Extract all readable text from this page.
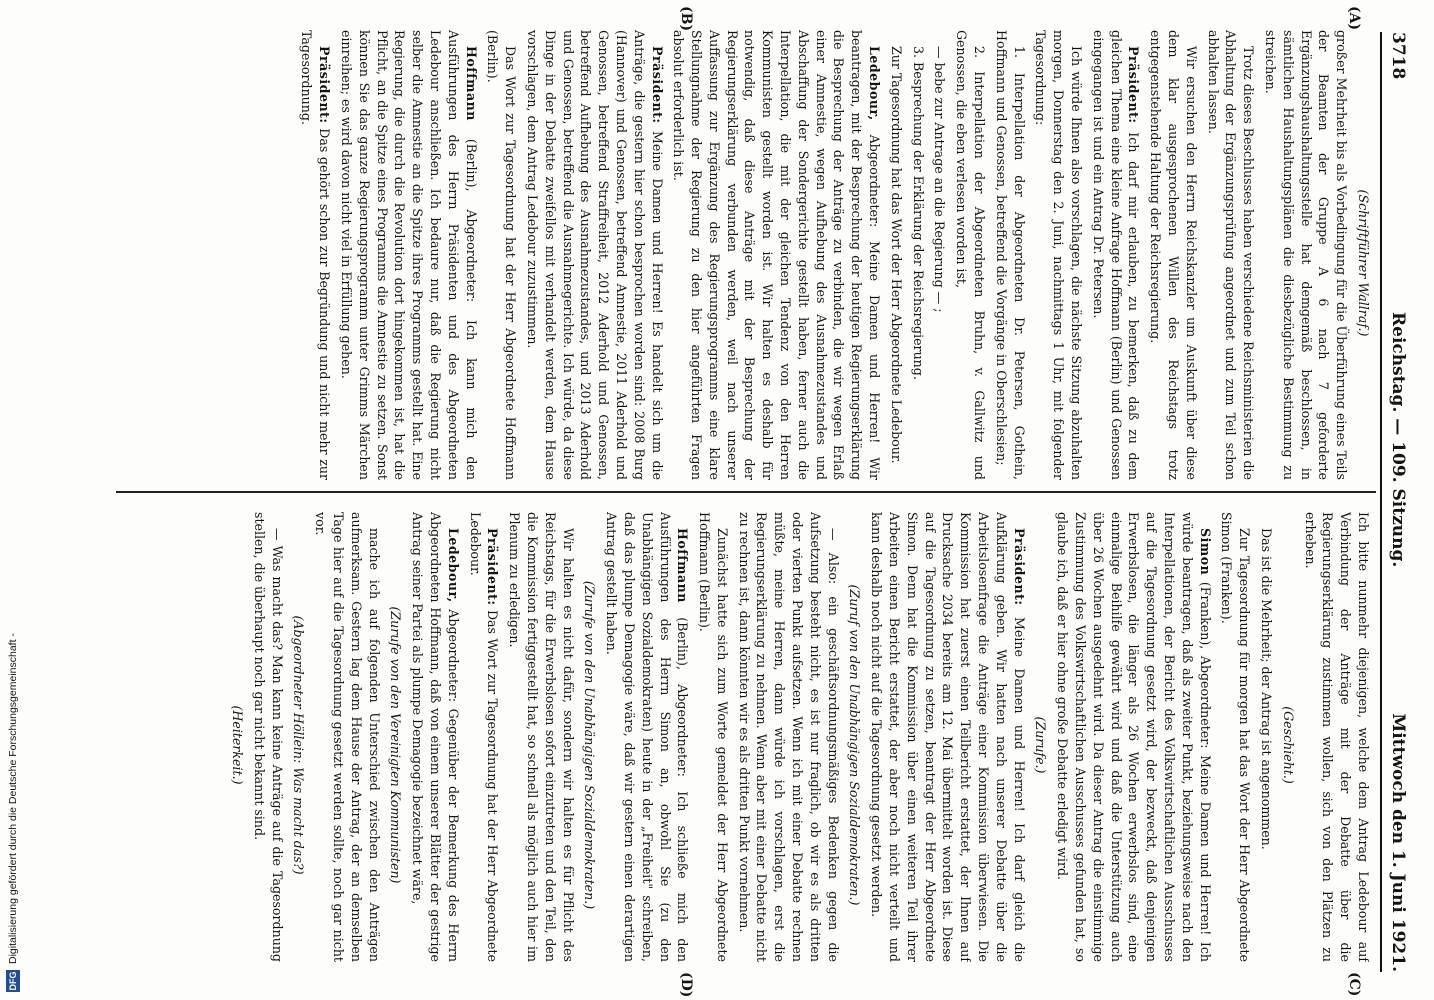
3718
Reichstag. — 109. Sitzung.
Mittwoch den 1. Juni 1921.
(A)
(B)
(C)
(D)

(Schriftführer Wallraf.)

großer Mehrheit bis als Vorbedingung für die Überführung eines Teils der Beamten der Gruppe A 6 nach 7 geforderte Ergänzungshaushaltungsstelle hat demgemäß beschlossen, in sämtlichen Haushaltungsplänen die diesbezügliche Bestimmung zu streichen.

Trotz dieses Beschlusses haben verschiedene Reichsministerien die Abhaltung der Ergänzungsprüfung angeordnet und zum Teil schon abhalten lassen.

Wir ersuchen den Herrn Reichskanzler um Auskunft über diese dem klar ausgesprochenen Willen des Reichstags trotz entgegenstehende Haltung der Reichsregierung.

Präsident: Ich darf mir erlauben, zu bemerken, daß zu dem gleichen Thema eine kleine Anfrage Hoffmann (Berlin) und Genossen eingegangen ist und ein Antrag Dr. Petersen.

Ich würde Ihnen also vorschlagen, die nächste Sitzung abzuhalten morgen, Donnerstag den 2. Juni, nachmittags 1 Uhr, mit folgender Tagesordnung:

1. Interpellation der Abgeordneten Dr. Petersen, Gothein, Hoffmann und Genossen, betreffend die Vorgänge in Oberschlesien;

2. Interpellation der Abgeordneten Bruhn, v. Gallwitz und Genossen, die eben verlesen worden ist,

— bebe zur Antrage an die Regierung — ;

3. Besprechung der Erklärung der Reichsregierung.

Zur Tagesordnung hat das Wort der Herr Abgeordnete Ledebour.

Ledebour, Abgeordneter: Meine Damen und Herren! Wir beantragen, mit der Besprechung der heutigen Regierungserklärung die Besprechung der Anträge zu verbinden, die wir wegen Erlaß einer Amnestie, wegen Aufhebung des Ausnahmezustandes und Abschaffung der Sondergerichte gestellt haben, ferner auch die Interpellation, die mit der gleichen Tendenz von den Herren Kommunisten gestellt worden ist. Wir halten es deshalb für notwendig, daß diese Anträge mit der Besprechung der Regierungserklärung verbunden werden, weil nach unserer Auffassung zur Ergänzung des Regierungsprogramms eine klare Stellungnahme der Regierung zu den hier angeführten Fragen absolut erforderlich ist.

Präsident: Meine Damen und Herren! Es handelt sich um die Anträge, die gestern hier schon besprochen worden sind: 2008 Burg (Hannover) und Genossen, betreffend Amnestie, 2011 Aderhold und Genossen, betreffend Straffreiheit, 2012 Aderhold und Genossen, betreffend Aufhebung des Ausnahmezustandes, und 2013 Aderhold und Genossen, betreffend die Ausnahmegerichte. Ich würde, da diese Dinge in der Debatte zweifellos mit verhandelt werden, dem Hause vorschlagen, dem Antrag Ledebour zuzustimmen.

Das Wort zur Tagesordnung hat der Herr Abgeordnete Hoffmann (Berlin).

Hoffmann (Berlin), Abgeordneter: Ich kann mich den Ausführungen des Herrn Präsidenten und des Abgeordneten Ledebour anschließen. Ich bedaure nur, daß die Regierung nicht selber die Amnestie an die Spitze ihres Programms gestellt hat. Eine Regierung, die durch die Revolution dort hingekommen ist, hat die Pflicht, an die Spitze eines Programms die Amnestie zu setzen. Sonst können Sie das ganze Regierungsprogramm unter Grimms Märchen einreihen; es wird davon nicht viel in Erfüllung gehen.

Präsident: Das gehört schon zur Begründung und nicht mehr zur Tagesordnung.

Ich bitte nunmehr diejenigen, welche dem Antrag Ledebour auf Verbindung der Anträge mit der Debatte über die Regierungserklärung zustimmen wollen, sich von den Plätzen zu erheben.

(Geschieht.)

Das ist die Mehrheit; der Antrag ist angenommen.

Zur Tagesordnung für morgen hat das Wort der Herr Abgeordnete Simon (Franken).

Simon (Franken), Abgeordneter: Meine Damen und Herren! Ich würde beantragen, daß als zweiter Punkt, beziehungsweise nach den Interpellationen, der Bericht des Volkswirtschaftlichen Ausschusses auf die Tagesordnung gesetzt wird, der bezweckt, daß denjenigen Erwerbslosen, die länger als 26 Wochen erwerbslos sind, eine einmalige Beihilfe gewährt wird und daß die Unterstützung auch über 26 Wochen ausgedehnt wird. Da dieser Antrag die einstimmige Zustimmung des Volkswirtschaftlichen Ausschusses gefunden hat, so glaube ich, daß er hier ohne große Debatte erledigt wird.

(Zurufe.)

Präsident: Meine Damen und Herren! Ich darf gleich die Aufklärung geben. Wir hatten nach unserer Debatte über die Arbeitslosenfrage die Anträge einer Kommission überwiesen. Die Kommission hat zuerst einen Teilbericht erstattet, der Ihnen auf Drucksache 2034 bereits am 12. Mai übermittelt worden ist. Diese auf die Tagesordnung zu setzen, beantragt der Herr Abgeordnete Simon. Denn hat die Kommission über einen weiteren Teil ihrer Arbeiten einen Bericht erstattet, der aber noch nicht verteilt und kann deshalb noch nicht auf die Tagesordnung gesetzt werden.

(Zuruf von den Unabhängigen Sozialdemokraten.)

— Also: ein geschäftsordnungsmäßiges Bedenken gegen die Aufsetzung besteht nicht, es ist nur fraglich, ob wir es als dritten oder vierten Punkt aufsetzen. Wenn ich mit einer Debatte rechnen müßte, meine Herren, dann würde ich vorschlagen, erst die Regierungserklärung zu nehmen. Wenn aber mit einer Debatte nicht zu rechnen ist, dann könnten wir es als dritten Punkt vornehmen.

Zunächst hatte sich zum Worte gemeldet der Herr Abgeordnete Hoffmann (Berlin).

Hoffmann (Berlin), Abgeordneter: Ich schließe mich den Ausführungen des Herrn Simon an, obwohl Sie (zu den Unabhängigen Sozialdemokraten) heute in der „Freiheit" schreiben, daß das plumpe Demagogie wäre, daß wir gestern einen derartigen Antrag gestellt haben.

(Zurufe von den Unabhängigen Sozialdemokraten.)

Wir halten es nicht dafür, sondern wir halten es für Pflicht des Reichstags, für die Erwerbslosen sofort einzutreten und den Teil, den die Kommission fertiggestellt hat, so schnell als möglich auch hier im Plenum zu erledigen.

Präsident: Das Wort zur Tagesordnung hat der Herr Abgeordnete Ledebour.

Ledebour, Abgeordneter: Gegenüber der Bemerkung des Herrn Abgeordneten Hoffmann, daß von einem unserer Blätter der gestrige Antrag seiner Partei als plumpe Demagogie bezeichnet wäre,

(Zurufe von den Vereinigten Kommunisten)

mache ich auf folgenden Unterschied zwischen den Anträgen aufmerksam. Gestern lag dem Hause der Antrag, der an demselben Tage hier auf die Tagesordnung gesetzt werden sollte, noch gar nicht vor.

(Abgeordneter Höllein: Was macht das?)

— Was macht das? Man kann keine Anträge auf die Tagesordnung stellen, die überhaupt noch gar nicht bekannt sind.

(Heiterkeit.)

DFG
Digitalisierung gefördert durch die Deutsche Forschungsgemeinschaft -
